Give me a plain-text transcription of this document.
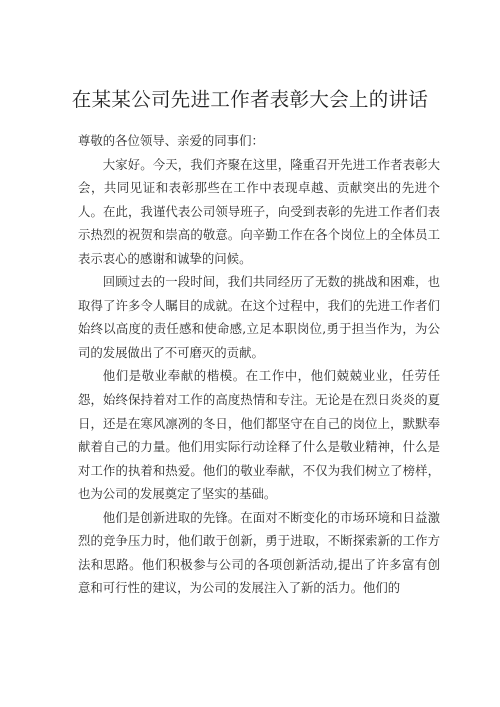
在某某公司先进工作者表彰大会上的讲话

尊敬的各位领导、亲爱的同事们：

大家好。今天，我们齐聚在这里，隆重召开先进工作者表彰大会，共同见证和表彰那些在工作中表现卓越、贡献突出的先进个人。在此，我谨代表公司领导班子，向受到表彰的先进工作者们表示热烈的祝贺和崇高的敬意。向辛勤工作在各个岗位上的全体员工表示衷心的感谢和诚挚的问候。

回顾过去的一段时间，我们共同经历了无数的挑战和困难，也取得了许多令人瞩目的成就。在这个过程中，我们的先进工作者们始终以高度的责任感和使命感,立足本职岗位,勇于担当作为，为公司的发展做出了不可磨灭的贡献。

他们是敬业奉献的楷模。在工作中，他们兢兢业业，任劳任怨，始终保持着对工作的高度热情和专注。无论是在烈日炎炎的夏日，还是在寒风凛冽的冬日，他们都坚守在自己的岗位上，默默奉献着自己的力量。他们用实际行动诠释了什么是敬业精神，什么是对工作的执着和热爱。他们的敬业奉献，不仅为我们树立了榜样，也为公司的发展奠定了坚实的基础。

他们是创新进取的先锋。在面对不断变化的市场环境和日益激烈的竞争压力时，他们敢于创新，勇于进取，不断探索新的工作方法和思路。他们积极参与公司的各项创新活动,提出了许多富有创意和可行性的建议，为公司的发展注入了新的活力。他们的
